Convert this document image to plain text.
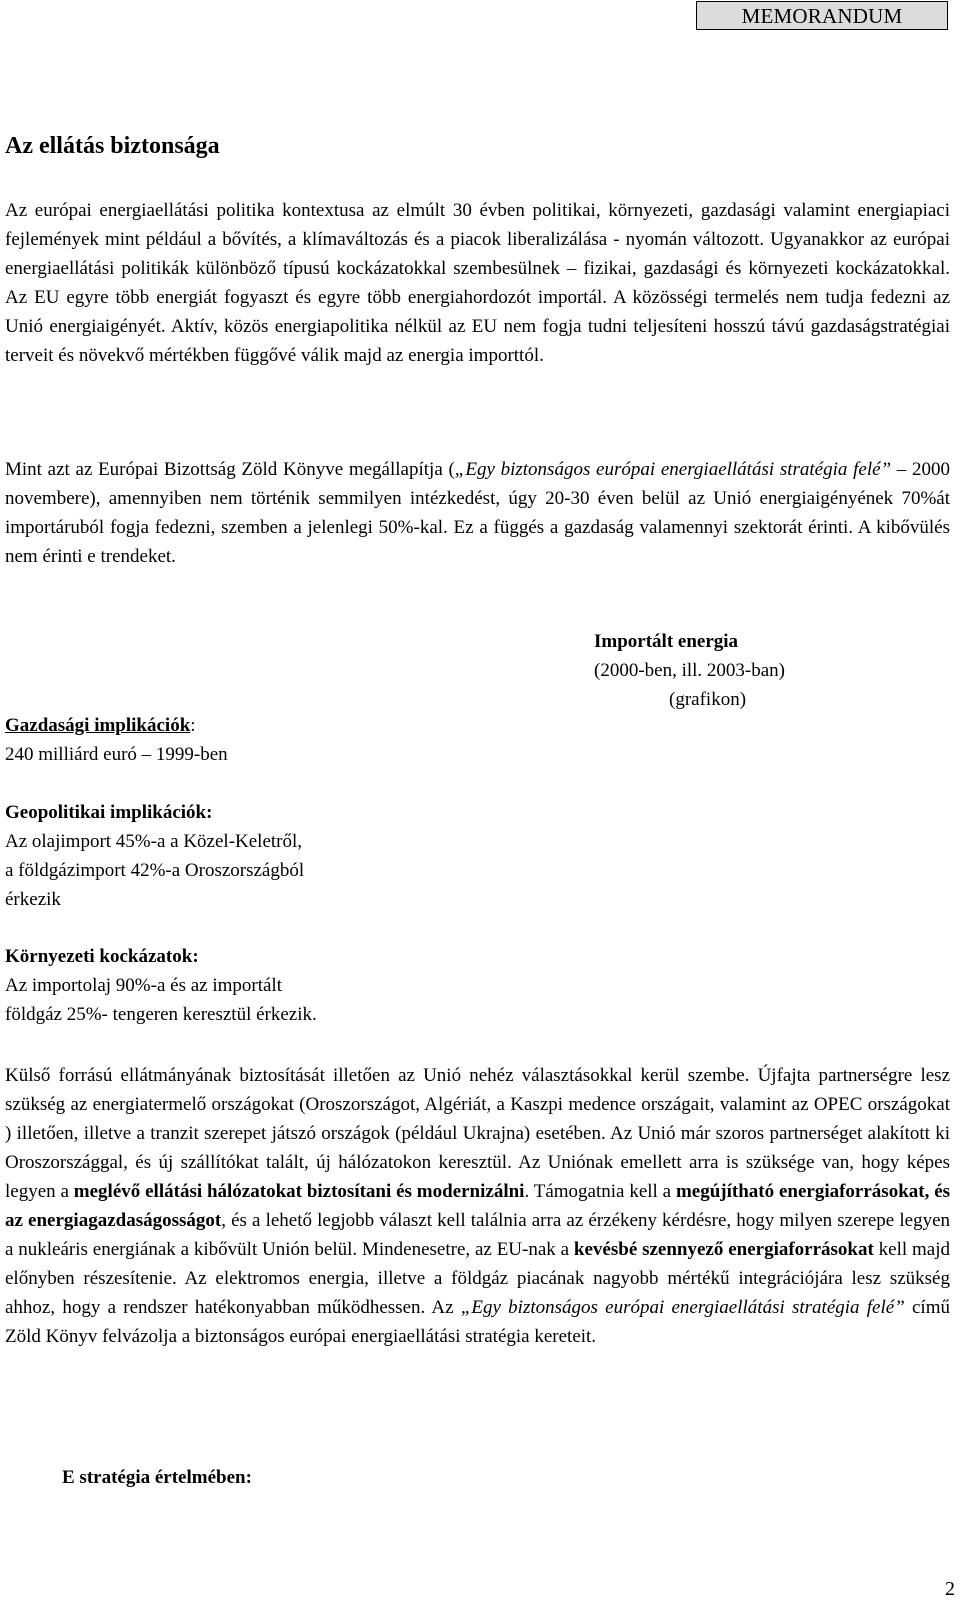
MEMORANDUM
Az ellátás biztonsága

Az európai energiaellátási politika kontextusa az elmúlt 30 évben politikai, környezeti, gazdasági valamint energiapiaci fejlemények mint például a bővítés, a klímaváltozás és a piacok liberalizálása - nyomán változott. Ugyanakkor az európai energiaellátási politikák különböző típusú kockázatokkal szembesülnek – fizikai, gazdasági és környezeti kockázatokkal. Az EU egyre több energiát fogyaszt és egyre több energiahordozót importál. A közösségi termelés nem tudja fedezni az Unió energiaigényét. Aktív, közös energiapolitika nélkül az EU nem fogja tudni teljesíteni hosszú távú gazdaságstratégiai terveit és növekvő mértékben függővé válik majd az energia importtól.

Mint azt az Európai Bizottság Zöld Könyve megállapítja („Egy biztonságos európai energiaellátási stratégia felé” – 2000 novembere), amennyiben nem történik semmilyen intézkedést, úgy 20-30 éven belül az Unió energiaigényének 70%át importáruból fogja fedezni, szemben a jelenlegi 50%-kal. Ez a függés a gazdaság valamennyi szektorát érinti. A kibővülés nem érinti e trendeket.

Importált energia
(2000-ben, ill. 2003-ban)
(grafikon)
Gazdasági implikációk:
240 milliárd euró – 1999-ben
Geopolitikai implikációk:
Az olajimport 45%-a a Közel-Keletről,
a földgázimport 42%-a Oroszországból
érkezik
Környezeti kockázatok:
Az importolaj 90%-a és az importált
földgáz 25%- tengeren keresztül érkezik.

Külső forrású ellátmányának biztosítását illetően az Unió nehéz választásokkal kerül szembe. Újfajta partnerségre lesz szükség az energiatermelő országokat (Oroszországot, Algériát, a Kaszpi medence országait, valamint az OPEC országokat ) illetően, illetve a tranzit szerepet játszó országok (például Ukrajna) esetében. Az Unió már szoros partnerséget alakított ki Oroszországgal, és új szállítókat talált, új hálózatokon keresztül. Az Uniónak emellett arra is szüksége van, hogy képes legyen a meglévő ellátási hálózatokat biztosítani és modernizálni. Támogatnia kell a megújítható energiaforrásokat, és az energiagazdaságosságot, és a lehető legjobb választ kell találnia arra az érzékeny kérdésre, hogy milyen szerepe legyen a nukleáris energiának a kibővült Unión belül. Mindenesetre, az EU-nak a kevésbé szennyező energiaforrásokat kell majd előnyben részesítenie. Az elektromos energia, illetve a földgáz piacának nagyobb mértékű integrációjára lesz szükség ahhoz, hogy a rendszer hatékonyabban működhessen. Az „Egy biztonságos európai energiaellátási stratégia felé” című Zöld Könyv felvázolja a biztonságos európai energiaellátási stratégia kereteit.

E stratégia értelmében:
2
